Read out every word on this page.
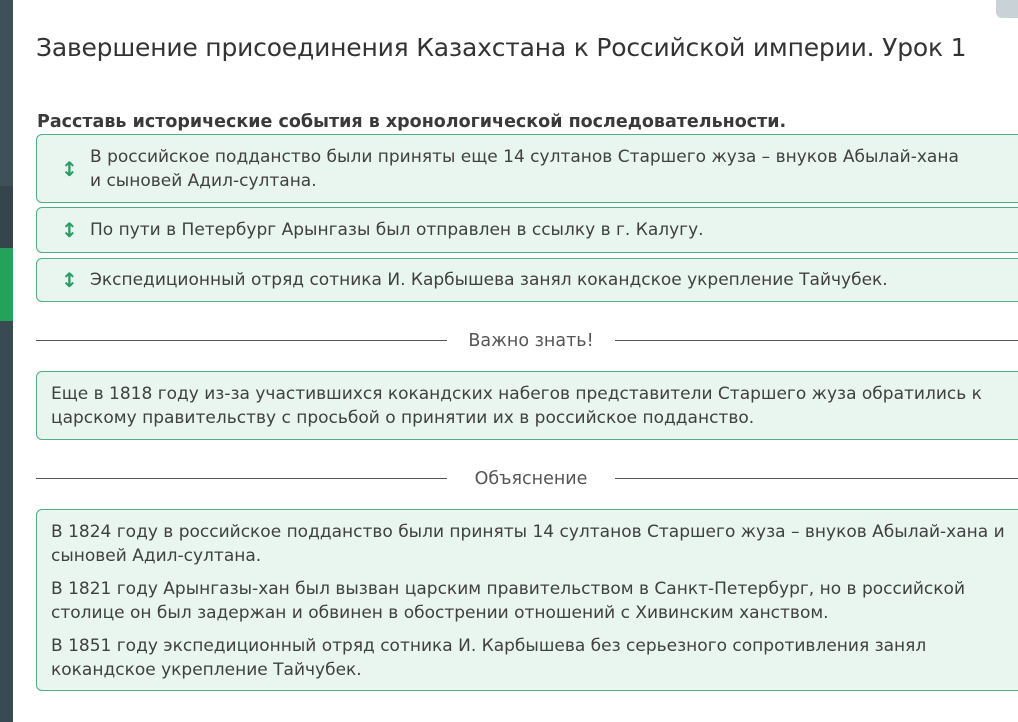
Завершение присоединения Казахстана к Российской империи. Урок 1

Расставь исторические события в хронологической последовательности.

↕ В российское подданство были приняты еще 14 султанов Старшего жуза – внуков Абылай-хана и сыновей Адил-султана.
↕ По пути в Петербург Арынгазы был отправлен в ссылку в г. Калугу.
↕ Экспедиционный отряд сотника И. Карбышева занял кокандское укрепление Тайчубек.
Важно знать!
Еще в 1818 году из-за участившихся кокандских набегов представители Старшего жуза обратились к царскому правительству с просьбой о принятии их в российское подданство.
Объяснение

В 1824 году в российское подданство были приняты 14 султанов Старшего жуза – внуков Абылай-хана и сыновей Адил-султана.

В 1821 году Арынгазы-хан был вызван царским правительством в Санкт-Петербург, но в российской столице он был задержан и обвинен в обострении отношений с Хивинским ханством.

В 1851 году экспедиционный отряд сотника И. Карбышева без серьезного сопротивления занял кокандское укрепление Тайчубек.
